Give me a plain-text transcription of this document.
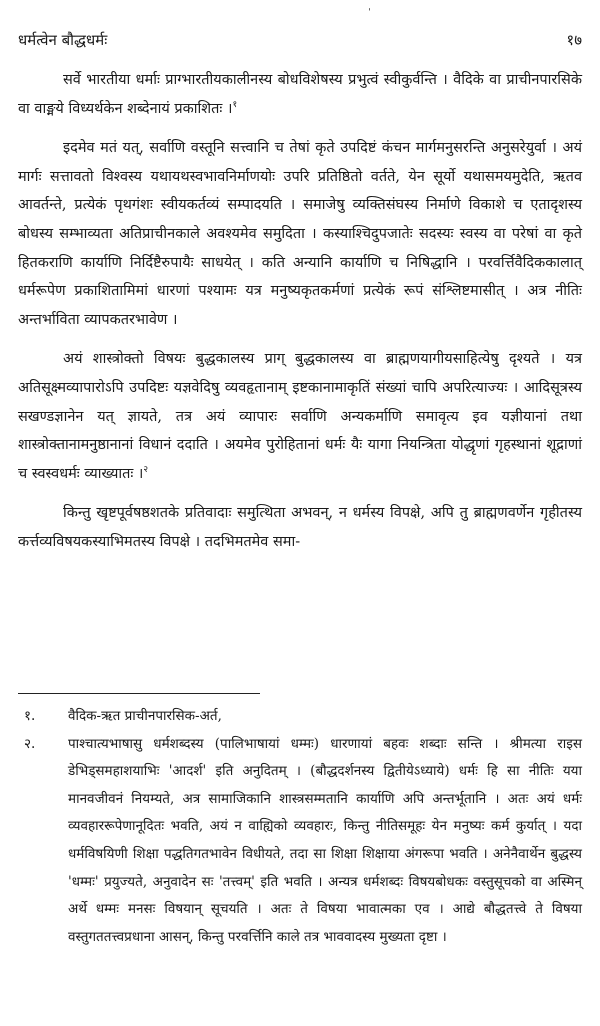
ˈ
धर्मत्वेन बौद्धधर्मः	१७

सर्वे भारतीया धर्माः प्राग्भारतीयकालीनस्य बोधविशेषस्य प्रभुत्वं स्वीकुर्वन्ति । वैदिके वा प्राचीनपारसिके वा वाङ्मये विध्यर्थकेन शब्देनायं प्रकाशितः ।$^१$

इदमेव मतं यत्, सर्वाणि वस्तूनि सत्त्वानि च तेषां कृते उपदिष्टं कंचन मार्गमनुसरन्ति अनुसरेयुर्वा । अयं मार्गः सत्तावतो विश्वस्य यथायथस्वभावनिर्माणयोः उपरि प्रतिष्ठितो वर्तते, येन सूर्यो यथासमयमुदेति, ऋतव आवर्तन्ते, प्रत्येकं पृथगंशः स्वीयकर्तव्यं सम्पादयति । समाजेषु व्यक्तिसंघस्य निर्माणे विकाशे च एतादृशस्य बोधस्य सम्भाव्यता अतिप्राचीनकाले अवश्यमेव समुदिता । कस्याश्चिदुपजातेः सदस्यः स्वस्य वा परेषां वा कृते हितकराणि कार्याणि निर्दिष्टैरुपायैः साधयेत् । कति अन्यानि कार्याणि च निषिद्धानि । परवर्त्तिवैदिककालात् धर्मरूपेण प्रकाशितामिमां धारणां पश्यामः यत्र मनुष्यकृतकर्मणां प्रत्येकं रूपं संश्लिष्टमासीत् । अत्र नीतिः अन्तर्भाविता व्यापकतरभावेण ।

अयं शास्त्रोक्तो विषयः बुद्धकालस्य प्राग् बुद्धकालस्य वा ब्राह्मणयागीयसाहित्येषु दृश्यते । यत्र अतिसूक्ष्मव्यापारोऽपि उपदिष्टः यज्ञवेदिषु व्यवहृतानाम् इष्टकानामाकृतिं संख्यां चापि अपरित्याज्यः । आदिसूत्रस्य सखण्डज्ञानेन यत् ज्ञायते, तत्र अयं व्यापारः सर्वाणि अन्यकर्माणि समावृत्य इव यज्ञीयानां तथा शास्त्रोक्तानामनुष्ठानानां विधानं ददाति । अयमेव पुरोहितानां धर्मः यैः यागा नियन्त्रिता योद्धृणां गृहस्थानां शूद्राणां च स्वस्वधर्मः व्याख्यातः ।$^२$

किन्तु खृष्टपूर्वषष्ठशतके प्रतिवादाः समुत्थिता अभवन्, न धर्मस्य विपक्षे, अपि तु ब्राह्मणवर्णेन गृहीतस्य कर्त्तव्यविषयकस्याभिमतस्य विपक्षे । तदभिमतमेव समा-

१. वैदिक-ऋत प्राचीनपारसिक-अर्त,
२. पाश्चात्यभाषासु धर्मशब्दस्य (पालिभाषायां धम्मः) धारणायां बहवः शब्दाः सन्ति । श्रीमत्या राइस डेभिड्समहाशयाभिः 'आदर्श' इति अनुदितम् । (बौद्धदर्शनस्य द्वितीयेऽध्याये) धर्मः हि सा नीतिः यया मानवजीवनं नियम्यते, अत्र सामाजिकानि शास्त्रसम्मतानि कार्याणि अपि अन्तर्भूतानि । अतः अयं धर्मः व्यवहाररूपेणानूदितः भवति, अयं न वाह्यिको व्यवहारः, किन्तु नीतिसमूहः येन मनुष्यः कर्म कुर्यात् । यदा धर्मविषयिणी शिक्षा पद्धतिगतभावेन विधीयते, तदा सा शिक्षा शिक्षाया अंगरूपा भवति । अनेनैवार्थेन बुद्धस्य 'धम्मः' प्रयुज्यते, अनुवादेन सः 'तत्त्वम्' इति भवति । अन्यत्र धर्मशब्दः विषयबोधकः वस्तुसूचको वा अस्मिन् अर्थे धम्मः मनसः विषयान् सूचयति । अतः ते विषया भावात्मका एव । आद्ये बौद्धतत्त्वे ते विषया वस्तुगततत्त्वप्रधाना आसन्, किन्तु परवर्त्तिनि काले तत्र भाववादस्य मुख्यता दृष्टा ।
